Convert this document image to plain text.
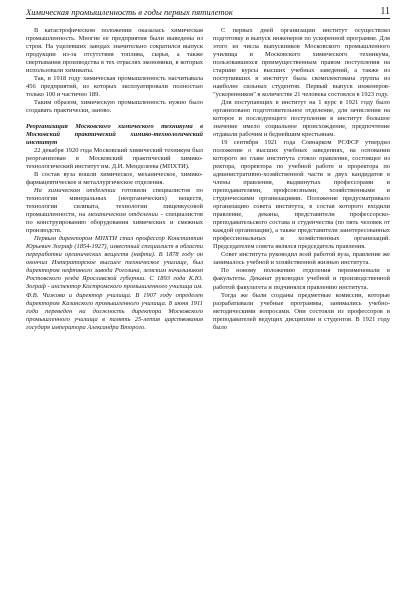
Химическая промышленность в годы первых пятилеток	11

В катастрофическом положении оказалась химическая промышленность. Многие ее предприятия были выведены из строя. На уцелевших заводах значительно сократился выпуск продукции из-за отсутствия топлива, сырья, а также свертывания производства в тех отраслях экономики, в которых использовали химикаты.

Так, в 1918 году химическая промышленность насчитывала 456 предприятий, из которых эксплуатировали полностью только 100 и частично 189.

Таким образом, химическую промышленность нужно было создавать практически, заново.

Реорганизация Московского химического техникума в Московский практический химико-технологический институт

22 декабря 1920 года Московский химический техникум был реорганизован в Московский практический химико-технологический институт им. Д.И. Менделеева (МПХТИ).

В состав вуза вошли химическое, механическое, химико-фармацевтическое и металлургическое отделения.

На химическом отделении готовили специалистов по технологии минеральных (неорганических) веществ, технологии силиката, технологии пищевкусовой промышленности, на механическом отделении - специалистов по конструированию оборудования химических и смежных производств.

Первым директором МПХТИ стал профессор Константин Юрьевич Зограф (1854-1927), известный специалист в области переработки органических веществ (нефти). В 1878 году он окончил Императорское высшее техническое училище, был директором нефтяного завода Рогозина, земским начальником Ростовского уезда Ярославской губернии. С 1893 года К.Ю. Зограф - инспектор Костромского промышленного училища им. Ф.В. Чижова и директор училища. В 1907 году определен директором Казанского промышленного училища. 8 июня 1911 года переведен на должность директора Московского промышленного училища в память 25-летия царствования государя императора Александра Второго.

С первых дней организации институт осуществлял подготовку и выпуск инженеров по ускоренной программе. Для этого из числа выпускников Московского промышленного училища и Московского химического техникума, пользовавшихся преимущественным правом поступления на старшие курсы высших учебных заведений, а также из поступивших в институт была скомплектована группа из наиболее сильных студентов. Первый выпуск инженеров-"ускоренников" в количестве 21 человека состоялся в 1923 году.

Для поступающих в институт на 1 курс в 1921 году было организовано подготовительное отделение, для зачисления на которое и последующего поступления в институт большое значение имело социальное происхождение, предпочтение отдавали рабочим и беднейшим крестьянам.

19 сентября 1921 года Совнарком РСФСР утвердил положение о высших учебных заведениях, на основании которого во главе института стояло правление, состоящее из ректора, проректора по учебной работе и проректора по административно-хозяйственной части и двух кандидатов в члены правления, выдвинутых профессорами и преподавателями, профсоюзными, хозяйственными и студенческими организациями. Положение предусматривало организацию совета института, в состав которого входили правление, деканы, представители профессорско-преподавательского состава и студенчества (по пять человек от каждой организации), а также представители заинтересованных профессиональных и хозяйственных организаций. Председателем совета являлся председатель правления.

Совет института руководил всей работой вуза, правление же занималось учебной и хозяйственной жизнью института.

По новому положению отделения переименовали в факультеты. Деканат руководил учебной и производственной работой факультета и подчинялся правлению института.

Тогда же были созданы предметные комиссии, которые разрабатывали учебные программы, занимались учебно-методическими вопросами. Они состояли из профессоров и преподавателей ведущих дисциплин и студентов. В 1921 году было
